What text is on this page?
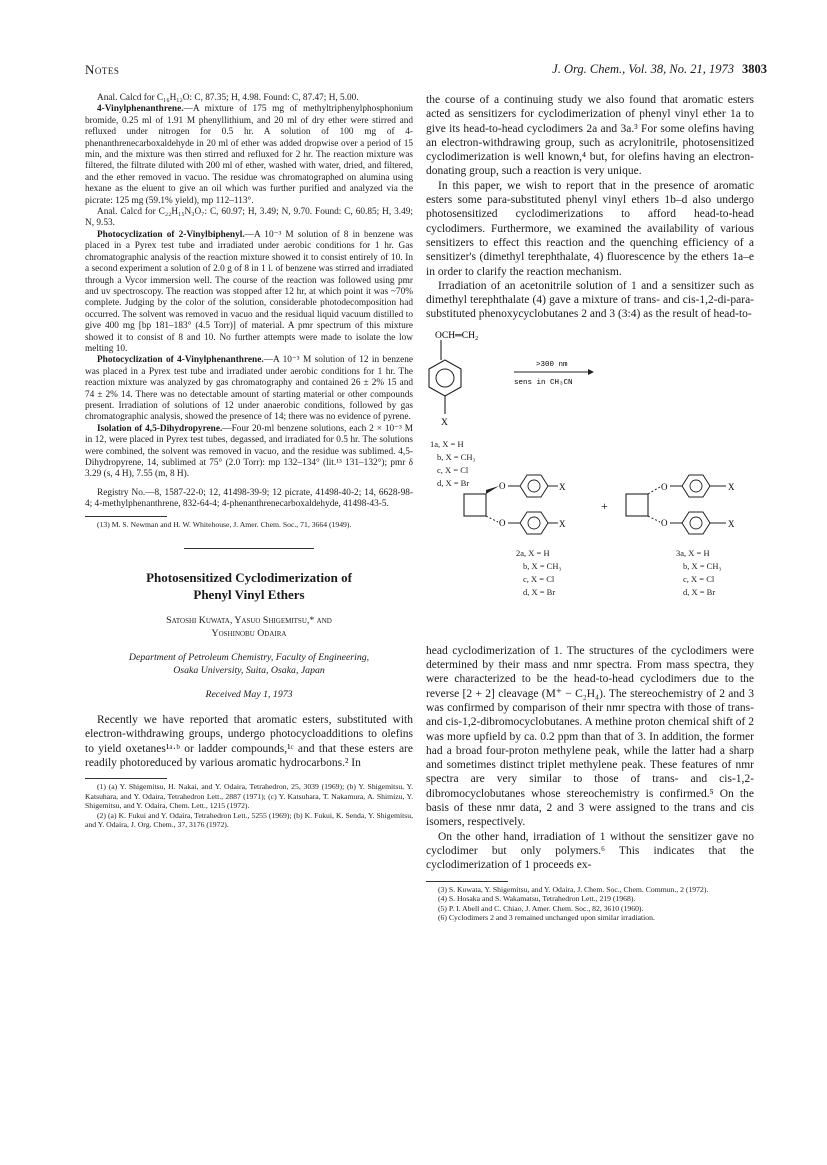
Notes	J. Org. Chem., Vol. 38, No. 21, 1973 3803

Anal. Calcd for C₁₆H₁₂O: C, 87.35; H, 4.98. Found: C, 87.47; H, 5.00.

4-Vinylphenanthrene.—A mixture of 175 mg of methyltriphenylphosphonium bromide, 0.25 ml of 1.91 M phenyllithium, and 20 ml of dry ether were stirred and refluxed under nitrogen for 0.5 hr. A solution of 100 mg of 4-phenanthrenecarboxaldehyde in 20 ml of ether was added dropwise over a period of 15 min, and the mixture was then stirred and refluxed for 2 hr. The reaction mixture was filtered, the filtrate diluted with 200 ml of ether, washed with water, dried, and filtered, and the ether removed in vacuo. The residue was chromatographed on alumina using hexane as the eluent to give an oil which was further purified and analyzed via the picrate: 125 mg (59.1% yield), mp 112–113°.

Anal. Calcd for C₂₂H₁₅N₃O₇: C, 60.97; H, 3.49; N, 9.70. Found: C, 60.85; H, 3.49; N, 9.53.

Photocyclization of 2-Vinylbiphenyl.—A 10⁻³ M solution of 8 in benzene was placed in a Pyrex test tube and irradiated under aerobic conditions for 1 hr. Gas chromatographic analysis of the reaction mixture showed it to consist entirely of 10. In a second experiment a solution of 2.0 g of 8 in 1 l. of benzene was stirred and irradiated through a Vycor immersion well. The course of the reaction was followed using pmr and uv spectroscopy. The reaction was stopped after 12 hr, at which point it was ~70% complete. Judging by the color of the solution, considerable photodecomposition had occurred. The solvent was removed in vacuo and the residual liquid vacuum distilled to give 400 mg [bp 181–183° (4.5 Torr)] of material. A pmr spectrum of this mixture showed it to consist of 8 and 10. No further attempts were made to isolate the low melting 10.

Photocyclization of 4-Vinylphenanthrene.—A 10⁻³ M solution of 12 in benzene was placed in a Pyrex test tube and irradiated under aerobic conditions for 1 hr. The reaction mixture was analyzed by gas chromatography and contained 26 ± 2% 15 and 74 ± 2% 14. There was no detectable amount of starting material or other compounds present. Irradiation of solutions of 12 under anaerobic conditions, followed by gas chromatographic analysis, showed the presence of 14; there was no evidence of pyrene.

Isolation of 4,5-Dihydropyrene.—Four 20-ml benzene solutions, each 2 × 10⁻³ M in 12, were placed in Pyrex test tubes, degassed, and irradiated for 0.5 hr. The solutions were combined, the solvent was removed in vacuo, and the residue was sublimed. 4,5-Dihydropyrene, 14, sublimed at 75° (2.0 Torr): mp 132–134° (lit.¹³ 131–132°); pmr δ 3.29 (s, 4 H), 7.55 (m, 8 H).

Registry No.—8, 1587-22-0; 12, 41498-39-9; 12 picrate, 41498-40-2; 14, 6628-98-4; 4-methylphenanthrene, 832-64-4; 4-phenanthrenecarboxaldehyde, 41498-43-5.

(13) M. S. Newman and H. W. Whitehouse, J. Amer. Chem. Soc., 71, 3664 (1949).

Photosensitized Cyclodimerization of
Phenyl Vinyl Ethers
Satoshi Kuwata, Yasuo Shigemitsu,* and
Yoshinobu Odaira
Department of Petroleum Chemistry, Faculty of Engineering,
Osaka University, Suita, Osaka, Japan
Received May 1, 1973

Recently we have reported that aromatic esters, substituted with electron-withdrawing groups, undergo photocycloadditions to olefins to yield oxetanes¹ᵃ·ᵇ or ladder compounds,¹ᶜ and that these esters are readily photoreduced by various aromatic hydrocarbons.² In

(1) (a) Y. Shigemitsu, H. Nakai, and Y. Odaira, Tetrahedron, 25, 3039 (1969); (b) Y. Shigemitsu, Y. Katsuhara, and Y. Odaira, Tetrahedron Lett., 2887 (1971); (c) Y. Katsuhara, T. Nakamura, A. Shimizu, Y. Shigemitsu, and Y. Odaira, Chem. Lett., 1215 (1972).

(2) (a) K. Fukui and Y. Odaira, Tetrahedron Lett., 5255 (1969); (b) K. Fukui, K. Senda, Y. Shigemitsu, and Y. Odaira, J. Org. Chem., 37, 3176 (1972).

the course of a continuing study we also found that aromatic esters acted as sensitizers for cyclodimerization of phenyl vinyl ether 1a to give its head-to-head cyclodimers 2a and 3a.³ For some olefins having an electron-withdrawing group, such as acrylonitrile, photosensitized cyclodimerization is well known,⁴ but, for olefins having an electron-donating group, such a reaction is very unique.

In this paper, we wish to report that in the presence of aromatic esters some para-substituted phenyl vinyl ethers 1b–d also undergo photosensitized cyclodimerizations to afford head-to-head cyclodimers. Furthermore, we examined the availability of various sensitizers to effect this reaction and the quenching efficiency of a sensitizer's (dimethyl terephthalate, 4) fluorescence by the ethers 1a–e in order to clarify the reaction mechanism.

Irradiation of an acetonitrile solution of 1 and a sensitizer such as dimethyl terephthalate (4) gave a mixture of trans- and cis-1,2-di-para-substituted phenoxycyclobutanes 2 and 3 (3:4) as the result of head-to-

OCH═CH₂
X
>300 nm
sens in CH₃CN
O
O
X
X
+
O
O
X
X
1a, X = H
b, X = CH₃
c, X = Cl
d, X = Br
2a, X = H
b, X = CH₃
c, X = Cl
d, X = Br
3a, X = H
b, X = CH₃
c, X = Cl
d, X = Br

head cyclodimerization of 1. The structures of the cyclodimers were determined by their mass and nmr spectra. From mass spectra, they were characterized to be the head-to-head cyclodimers due to the reverse [2 + 2] cleavage (M⁺ − C₂H₄). The stereochemistry of 2 and 3 was confirmed by comparison of their nmr spectra with those of trans- and cis-1,2-dibromocyclobutanes. A methine proton chemical shift of 2 was more upfield by ca. 0.2 ppm than that of 3. In addition, the former had a broad four-proton methylene peak, while the latter had a sharp and sometimes distinct triplet methylene peak. These features of nmr spectra are very similar to those of trans- and cis-1,2-dibromocyclobutanes whose stereochemistry is confirmed.⁵ On the basis of these nmr data, 2 and 3 were assigned to the trans and cis isomers, respectively.

On the other hand, irradiation of 1 without the sensitizer gave no cyclodimer but only polymers.⁶ This indicates that the cyclodimerization of 1 proceeds ex-

(3) S. Kuwata, Y. Shigemitsu, and Y. Odaira, J. Chem. Soc., Chem. Commun., 2 (1972).

(4) S. Hosaka and S. Wakamatsu, Tetrahedron Lett., 219 (1968).

(5) P. I. Abell and C. Chiao, J. Amer. Chem. Soc., 82, 3610 (1960).

(6) Cyclodimers 2 and 3 remained unchanged upon similar irradiation.
